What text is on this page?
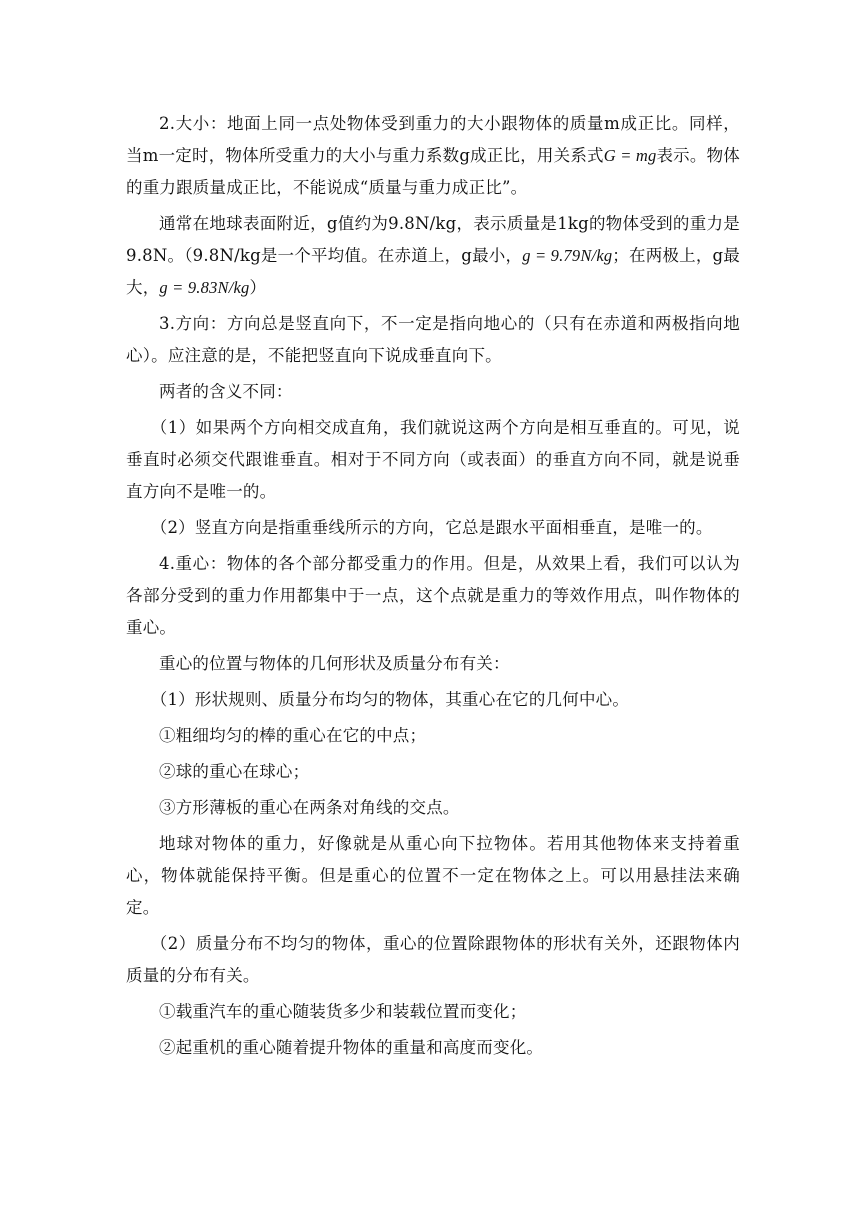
2.大小：地面上同一点处物体受到重力的大小跟物体的质量m成正比。同样，当m一定时，物体所受重力的大小与重力系数g成正比，用关系式G = mg表示。物体的重力跟质量成正比，不能说成“质量与重力成正比”。

通常在地球表面附近，g值约为9.8N/kg，表示质量是1kg的物体受到的重力是9.8N。（9.8N/kg是一个平均值。在赤道上，g最小，g = 9.79N/kg；在两极上，g最大，g = 9.83N/kg）

3.方向：方向总是竖直向下，不一定是指向地心的（只有在赤道和两极指向地心）。应注意的是，不能把竖直向下说成垂直向下。

两者的含义不同：

（1）如果两个方向相交成直角，我们就说这两个方向是相互垂直的。可见，说垂直时必须交代跟谁垂直。相对于不同方向（或表面）的垂直方向不同，就是说垂直方向不是唯一的。

（2）竖直方向是指重垂线所示的方向，它总是跟水平面相垂直，是唯一的。

4.重心：物体的各个部分都受重力的作用。但是，从效果上看，我们可以认为各部分受到的重力作用都集中于一点，这个点就是重力的等效作用点，叫作物体的重心。

重心的位置与物体的几何形状及质量分布有关：

（1）形状规则、质量分布均匀的物体，其重心在它的几何中心。

①粗细均匀的棒的重心在它的中点；

②球的重心在球心；

③方形薄板的重心在两条对角线的交点。

地球对物体的重力，好像就是从重心向下拉物体。若用其他物体来支持着重心，物体就能保持平衡。但是重心的位置不一定在物体之上。可以用悬挂法来确定。

（2）质量分布不均匀的物体，重心的位置除跟物体的形状有关外，还跟物体内质量的分布有关。

①载重汽车的重心随装货多少和装载位置而变化；

②起重机的重心随着提升物体的重量和高度而变化。
